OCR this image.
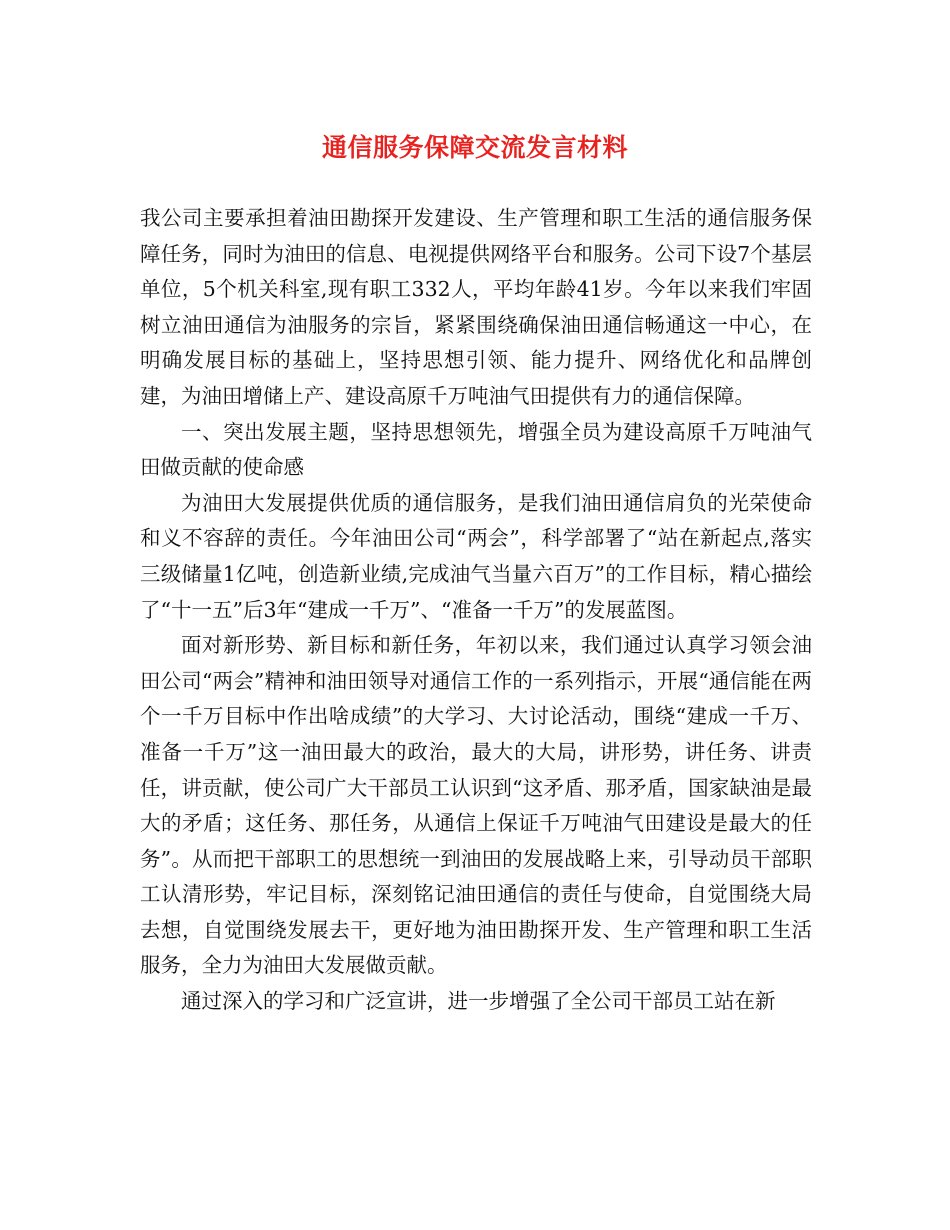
通信服务保障交流发言材料

我公司主要承担着油田勘探开发建设、生产管理和职工生活的通信服务保障任务，同时为油田的信息、电视提供网络平台和服务。公司下设7个基层单位，5个机关科室,现有职工332人，平均年龄41岁。今年以来我们牢固树立油田通信为油服务的宗旨，紧紧围绕确保油田通信畅通这一中心，在明确发展目标的基础上，坚持思想引领、能力提升、网络优化和品牌创建，为油田增储上产、建设高原千万吨油气田提供有力的通信保障。

一、突出发展主题，坚持思想领先，增强全员为建设高原千万吨油气田做贡献的使命感

为油田大发展提供优质的通信服务，是我们油田通信肩负的光荣使命和义不容辞的责任。今年油田公司“两会”，科学部署了“站在新起点,落实三级储量1亿吨，创造新业绩,完成油气当量六百万”的工作目标，精心描绘了“十一五”后3年“建成一千万”、“准备一千万”的发展蓝图。

面对新形势、新目标和新任务，年初以来，我们通过认真学习领会油田公司“两会”精神和油田领导对通信工作的一系列指示，开展“通信能在两个一千万目标中作出啥成绩”的大学习、大讨论活动，围绕“建成一千万、准备一千万”这一油田最大的政治，最大的大局，讲形势，讲任务、讲责任，讲贡献，使公司广大干部员工认识到“这矛盾、那矛盾，国家缺油是最大的矛盾；这任务、那任务，从通信上保证千万吨油气田建设是最大的任务”。从而把干部职工的思想统一到油田的发展战略上来，引导动员干部职工认清形势，牢记目标，深刻铭记油田通信的责任与使命，自觉围绕大局去想，自觉围绕发展去干，更好地为油田勘探开发、生产管理和职工生活服务，全力为油田大发展做贡献。

通过深入的学习和广泛宣讲，进一步增强了全公司干部员工站在新
